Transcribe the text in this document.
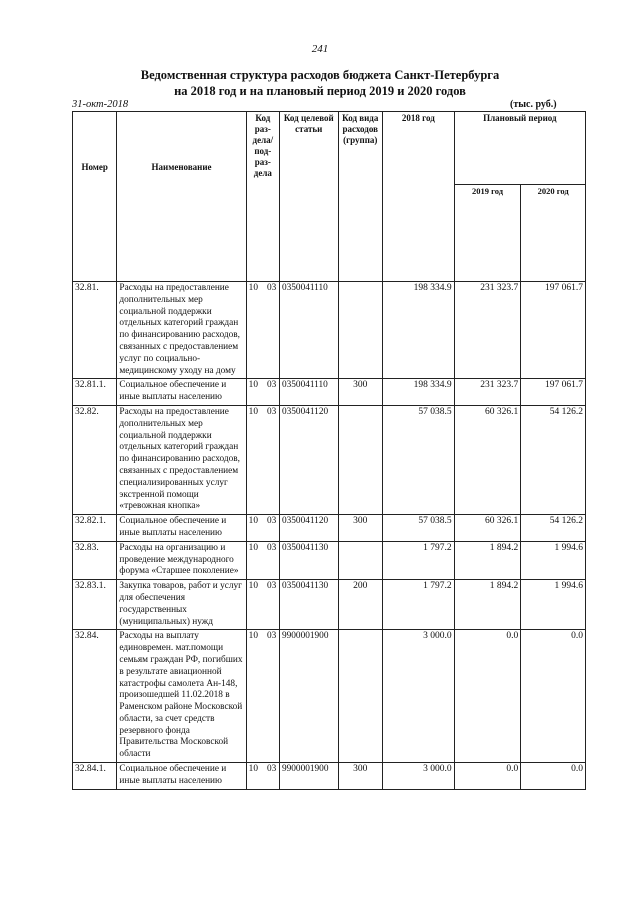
241
Ведомственная структура расходов бюджета Санкт-Петербурга
на 2018 год и на плановый период 2019 и 2020 годов
31-окт-2018	(тыс. руб.)
Номер	Наименование	Код раз- дела/ под- раз- дела	Код целевой статьи	Код вида расходов (группа)	2018 год	Плановый период	
						2019 год	2020 год
32.81.	Расходы на предоставление дополнительных мер социальной поддержки отдельных категорий граждан по финансированию расходов, связанных с предоставлением услуг по социально-медицинскому уходу на дому	10 03	0350041110		198 334.9	231 323.7	197 061.7
32.81.1.	Социальное обеспечение и иные выплаты населению	10 03	0350041110	300	198 334.9	231 323.7	197 061.7
32.82.	Расходы на предоставление дополнительных мер социальной поддержки отдельных категорий граждан по финансированию расходов, связанных с предоставлением специализированных услуг экстренной помощи «тревожная кнопка»	10 03	0350041120		57 038.5	60 326.1	54 126.2
32.82.1.	Социальное обеспечение и иные выплаты населению	10 03	0350041120	300	57 038.5	60 326.1	54 126.2
32.83.	Расходы на организацию и проведение международного форума «Старшее поколение»	10 03	0350041130		1 797.2	1 894.2	1 994.6
32.83.1.	Закупка товаров, работ и услуг для обеспечения государственных (муниципальных) нужд	10 03	0350041130	200	1 797.2	1 894.2	1 994.6
32.84.	Расходы на выплату единовремен. мат.помощи семьям граждан РФ, погибших в результате авиационной катастрофы самолета Ан-148, произошедшей 11.02.2018 в Раменском районе Московской области, за счет средств резервного фонда Правительства Московской области	10 03	9900001900		3 000.0	0.0	0.0
32.84.1.	Социальное обеспечение и иные выплаты населению	10 03	9900001900	300	3 000.0	0.0	0.0
